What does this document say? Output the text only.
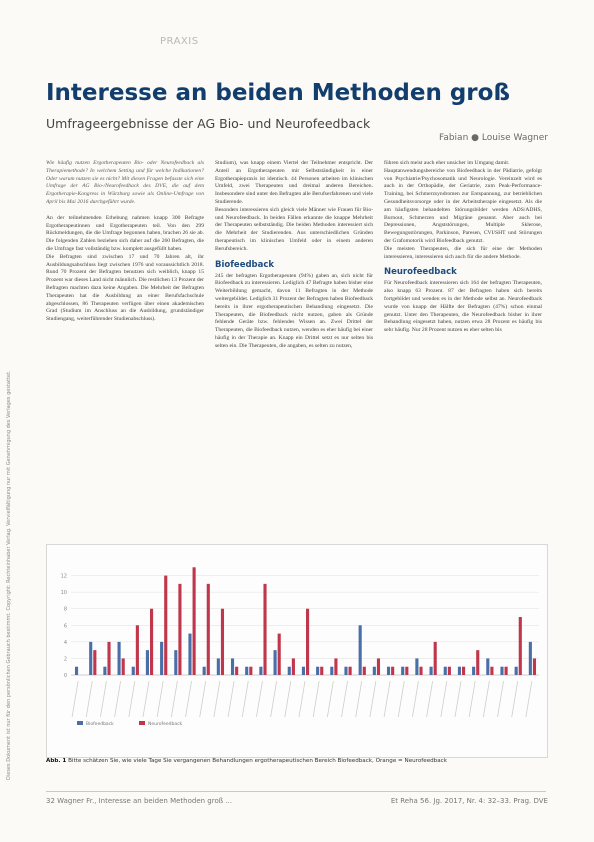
PRAXIS
Dieses Dokument ist nur für den persönlichen Gebrauch bestimmt. Copyright: Rechteinhaber Verlag. Vervielfältigung nur mit Genehmigung des Verlages gestattet.
Interesse an beiden Methoden groß
Umfrageergebnisse der AG Bio- und Neurofeedback
Fabian ● Louise Wagner

Wie häufig nutzen Ergotherapeuten Bio- oder Neurofeedback als Therapiemethode? In welchem Setting und für welche Indikationen? Oder warum nutzen sie es nicht? Mit diesen Fragen befasste sich eine Umfrage der AG Bio-/Neurofeedback des DVE, die auf dem Ergotherapie-Kongress in Würzburg sowie als Online-Umfrage von April bis Mai 2016 durchgeführt wurde.

An der teilnehmenden Erhebung nahmen knapp 300 Befragte Ergotherapeutinnen und Ergotherapeuten teil. Von den 299 Rückmeldungen, die die Umfrage begonnen haben, brachen 26 sie ab. Die folgenden Zahlen beziehen sich daher auf die 260 Befragten, die die Umfrage fast vollständig bzw. komplett ausgefüllt haben.

Die Befragten sind zwischen 17 und 70 Jahren alt, ihr Ausbildungsabschluss liegt zwischen 1976 und voraussichtlich 2018. Rund 70 Prozent der Befragten benutzen sich weiblich, knapp 15 Prozent war dieses Land nicht männlich. Die restlichen 13 Prozent der Befragten machten dazu keine Angaben. Die Mehrheit der Befragten Therapeuten hat die Ausbildung an einer Berufsfachschule abgeschlossen, 86 Therapeuten verfügen über einen akademischen Grad (Studium im Anschluss an die Ausbildung, grundständiger Studiengang, weiterführender Studienabschluss).

Studium), was knapp einem Viertel der Teilnehmer entspricht. Der Anteil an Ergotherapeuten mit Selbstständigkeit in einer Ergotherapiepraxis ist identisch. 44 Personen arbeiten im klinischen Umfeld, zwei Therapeuten und dreimal anderen Bereichen. Insbesondere sind unter den Befragten alle Berufserfahrenen und viele Studierende.

Besonders interessieren sich gleich viele Männer wie Frauen für Bio- und Neurofeedback. In beiden Fällen erkannte die knappe Mehrheit der Therapeuten selbstständig. Die beiden Methoden interessiert sich die Mehrheit der Studierenden. Aus unterschiedlichen Gründen therapeutisch im klinischen Umfeld oder in einem anderen Berufsbereich.

Biofeedback

245 der befragten Ergotherapeuten (94%) gaben an, sich nicht für Biofeedback zu interessieren. Lediglich 47 Befragte haben bisher eine Weiterbildung gemacht, davon 11 Befragten in der Methode weitergebildet. Lediglich 31 Prozent der Befragten haben Biofeedback bereits in ihrer ergotherapeutischen Behandlung eingesetzt. Die Therapeuten, die Biofeedback nicht nutzen, gaben als Gründe fehlende Geräte bzw. fehlendes Wissen an. Zwei Drittel der Therapeuten, die Biofeedback nutzen, wenden es eher häufig bei einer häufig in der Therapie an. Knapp ein Drittel setzt es nur selten bis selten ein. Die Therapeuten, die angaben, es selten zu nutzen,

führen sich meist auch eher unsicher im Umgang damit.

Hauptanwendungsbereiche von Biofeedback in der Pädiatrie, gefolgt von Psychiatrie/Psychosomatik und Neurologie. Vereinzelt wird es auch in der Orthopädie, der Geriatrie, zum Peak-Performance-Training, bei Schmerzsyndromen zur Entspannung, zur betrieblichen Gesundheitsvorsorge oder in der Arbeitstherapie eingesetzt. Als die am häufigsten behandelten Störungsbilder werden ADS/ADHS, Burnout, Schmerzen und Migräne genannt. Aber auch bei Depressionen, Angststörungen, Multiple Sklerose, Bewegungsstörungen, Parkinson, Paresen, CVI/SHT und Störungen der Grafomotorik wird Biofeedback genutzt.

Die meisten Therapeuten, die sich für eine der Methoden interessieren, interessieren sich auch für die andere Methode.

Neurofeedback

Für Neurofeedback interessieren sich 164 der befragten Therapeuten, also knapp 63 Prozent. 87 der Befragten haben sich bereits fortgebildet und wenden es in der Methode selbst an. Neurofeedback wurde von knapp der Hälfte der Befragten (47%) schon einmal genutzt. Unter den Therapeuten, die Neurofeedback bisher in ihrer Behandlung eingesetzt haben, nutzen etwa 28 Prozent es häufig bis sehr häufig. Nur 28 Prozent nutzen es eher selten bis

0
2
4
6
8
10
12
Biofeedback	Neurofeedback
Abb. 1 Bitte schätzen Sie, wie viele Tage Sie vergangenen Behandlungen ergotherapeutischen Bereich Biofeedback, Orange = Neurofeedback
32 Wagner Fr., Interesse an beiden Methoden groß ...	Et Reha 56. Jg. 2017, Nr. 4: 32–33. Prag. DVE
